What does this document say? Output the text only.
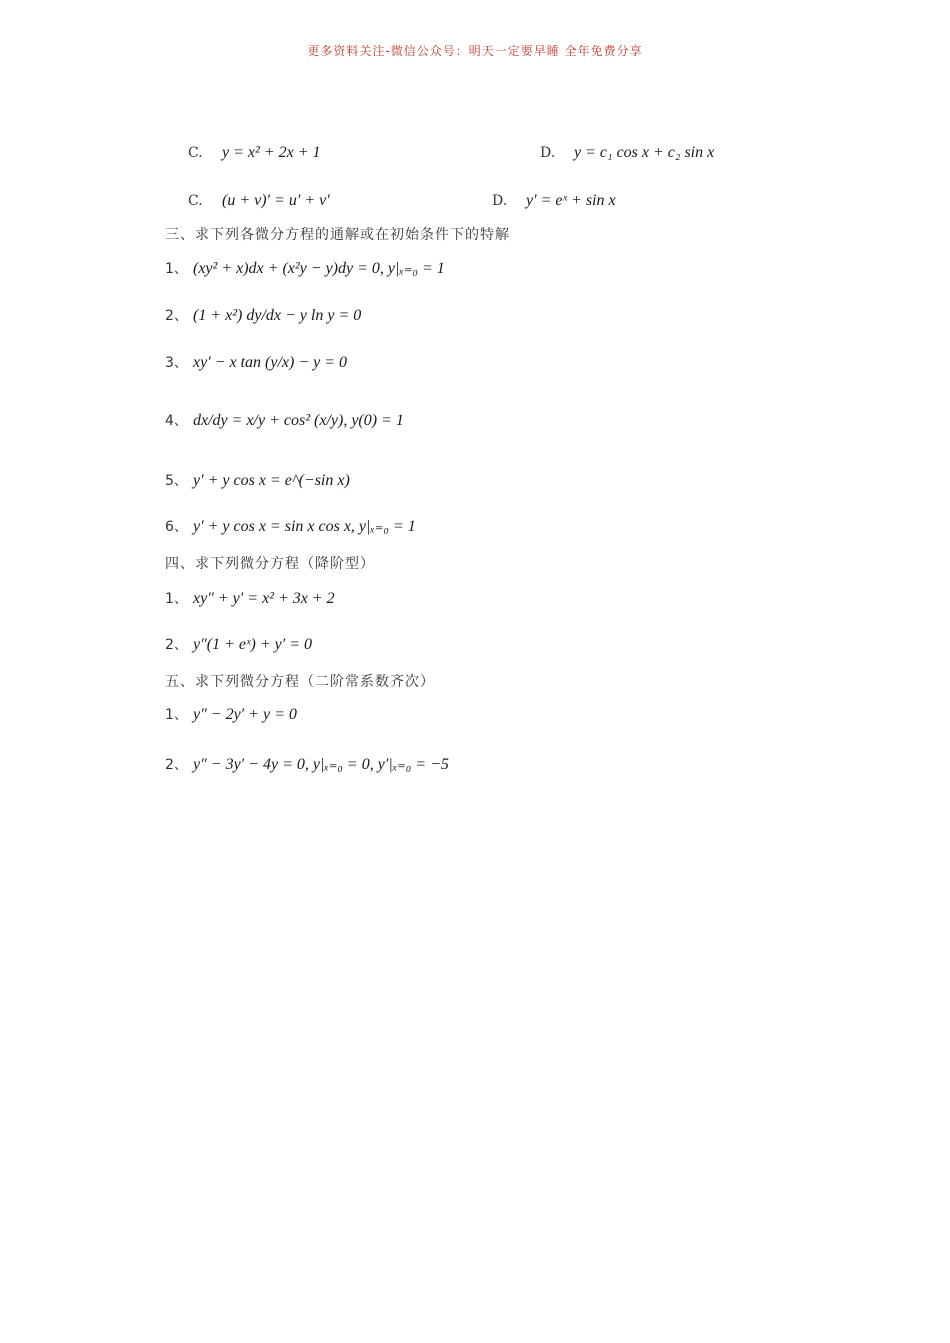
更多资料关注-微信公众号：明天一定要早睡 全年免费分享
C. y = x² + 2x + 1	D. y = c₁ cos x + c₂ sin x
C. (u + v)′ = u′ + v′	D. y′ = eˣ + sin x
三、求下列各微分方程的通解或在初始条件下的特解
1、 (xy² + x)dx + (x²y − y)dy = 0, y|ₓ₌₀ = 1
2、 (1 + x²) dy/dx − y ln y = 0
3、 xy′ − x tan (y/x) − y = 0
4、 dx/dy = x/y + cos² (x/y), y(0) = 1
5、 y′ + y cos x = e^(−sin x)
6、 y′ + y cos x = sin x cos x, y|ₓ₌₀ = 1
四、求下列微分方程（降阶型）
1、 xy″ + y′ = x² + 3x + 2
2、 y″(1 + eˣ) + y′ = 0
五、求下列微分方程（二阶常系数齐次）
1、 y″ − 2y′ + y = 0
2、 y″ − 3y′ − 4y = 0, y|ₓ₌₀ = 0, y′|ₓ₌₀ = −5
